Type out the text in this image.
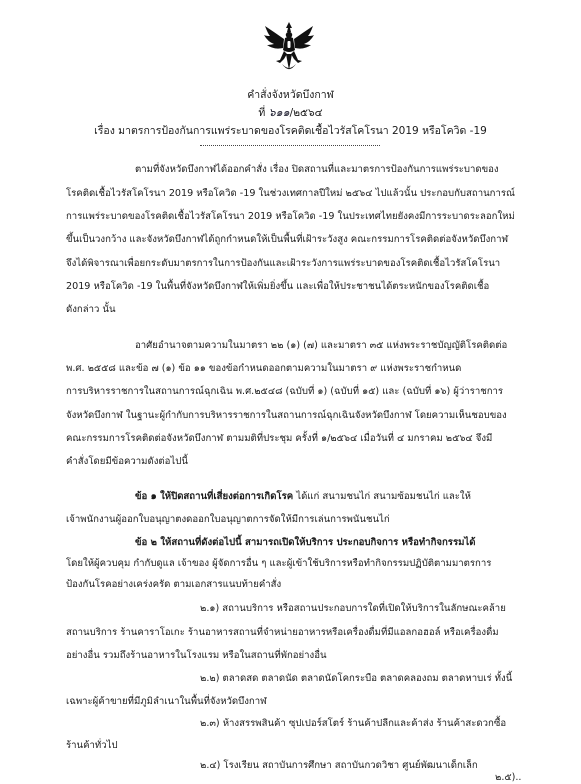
คำสั่งจังหวัดบึงกาฬ
ที่ ๖๑๑/๒๕๖๔
เรื่อง มาตรการป้องกันการแพร่ระบาดของโรคติดเชื้อไวรัสโคโรนา 2019 หรือโควิด -19
ตามที่จังหวัดบึงกาฬได้ออกคำสั่ง เรื่อง ปิดสถานที่และมาตรการป้องกันการแพร่ระบาดของ
โรคติดเชื้อไวรัสโคโรนา 2019 หรือโควิด -19 ในช่วงเทศกาลปีใหม่ ๒๕๖๔ ไปแล้วนั้น ประกอบกับสถานการณ์
การแพร่ระบาดของโรคติดเชื้อไวรัสโคโรนา 2019 หรือโควิด -19 ในประเทศไทยยังคงมีการระบาดระลอกใหม่
ขึ้นเป็นวงกว้าง และจังหวัดบึงกาฬได้ถูกกำหนดให้เป็นพื้นที่เฝ้าระวังสูง คณะกรรมการโรคติดต่อจังหวัดบึงกาฬ
จึงได้พิจารณาเพื่อยกระดับมาตรการในการป้องกันและเฝ้าระวังการแพร่ระบาดของโรคติดเชื้อไวรัสโคโรนา
2019 หรือโควิด -19 ในพื้นที่จังหวัดบึงกาฬให้เพิ่มยิ่งขึ้น และเพื่อให้ประชาชนได้ตระหนักของโรคติดเชื้อ
ดังกล่าว นั้น
อาศัยอำนาจตามความในมาตรา ๒๒ (๑) (๗) และมาตรา ๓๕ แห่งพระราชบัญญัติโรคติดต่อ
พ.ศ. ๒๕๕๘ และข้อ ๗ (๑) ข้อ ๑๑ ของข้อกำหนดออกตามความในมาตรา ๙ แห่งพระราชกำหนด
การบริหารราชการในสถานการณ์ฉุกเฉิน พ.ศ.๒๕๔๘ (ฉบับที่ ๑) (ฉบับที่ ๑๕) และ (ฉบับที่ ๑๖) ผู้ว่าราชการ
จังหวัดบึงกาฬ ในฐานะผู้กำกับการบริหารราชการในสถานการณ์ฉุกเฉินจังหวัดบึงกาฬ โดยความเห็นชอบของ
คณะกรรมการโรคติดต่อจังหวัดบึงกาฬ ตามมติที่ประชุม ครั้งที่ ๑/๒๕๖๔ เมื่อวันที่ ๔ มกราคม ๒๕๖๔ จึงมี
คำสั่งโดยมีข้อความดังต่อไปนี้
ข้อ ๑ ให้ปิดสถานที่เสี่ยงต่อการเกิดโรค ได้แก่ สนามชนไก่ สนามซ้อมชนไก่ และให้
เจ้าพนักงานผู้ออกใบอนุญาตงดออกใบอนุญาตการจัดให้มีการเล่นการพนันชนไก่
ข้อ ๒ ให้สถานที่ดังต่อไปนี้ สามารถเปิดให้บริการ ประกอบกิจการ หรือทำกิจกรรมได้
โดยให้ผู้ควบคุม กำกับดูแล เจ้าของ ผู้จัดการอื่น ๆ และผู้เข้าใช้บริการหรือทำกิจกรรมปฏิบัติตามมาตรการ
ป้องกันโรคอย่างเคร่งครัด ตามเอกสารแนบท้ายคำสั่ง
๒.๑) สถานบริการ หรือสถานประกอบการใดที่เปิดให้บริการในลักษณะคล้าย
สถานบริการ ร้านคาราโอเกะ ร้านอาหารสถานที่จำหน่ายอาหารหรือเครื่องดื่มที่มีแอลกอฮอล์ หรือเครื่องดื่ม
อย่างอื่น รวมถึงร้านอาหารในโรงแรม หรือในสถานที่พักอย่างอื่น
๒.๒) ตลาดสด ตลาดนัด ตลาดนัดโคกระบือ ตลาดคลองถม ตลาดหาบเร่ ทั้งนี้
เฉพาะผู้ค้าขายที่มีภูมิลำเนาในพื้นที่จังหวัดบึงกาฬ
๒.๓) ห้างสรรพสินค้า ซุปเปอร์สโตร์ ร้านค้าปลีกและค้าส่ง ร้านค้าสะดวกซื้อ
ร้านค้าทั่วไป
๒.๔) โรงเรียน สถาบันการศึกษา สถาบันกวดวิชา ศูนย์พัฒนาเด็กเล็ก
๒.๕)..
